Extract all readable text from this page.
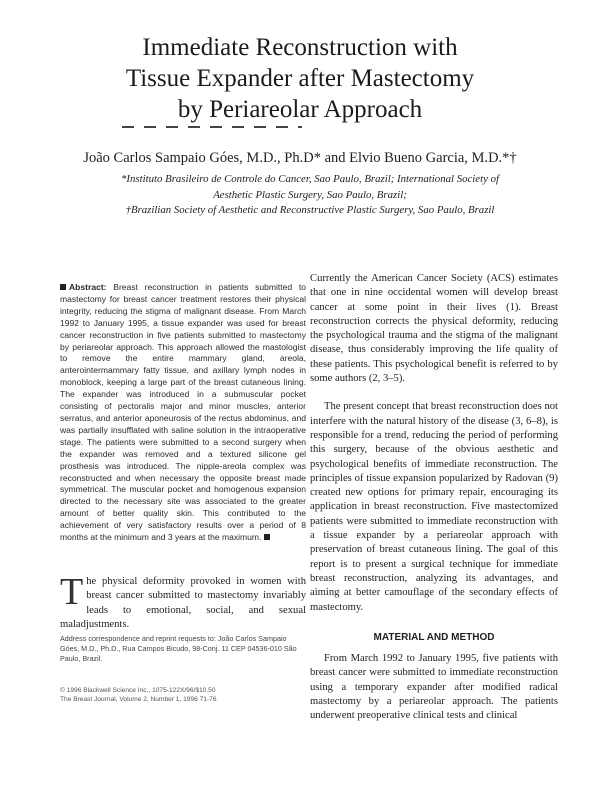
Immediate Reconstruction with
Tissue Expander after Mastectomy
by Periareolar Approach
João Carlos Sampaio Góes, M.D., Ph.D* and Elvio Bueno Garcia, M.D.*†
*Instituto Brasileiro de Controle do Cancer, Sao Paulo, Brazil; International Society of
Aesthetic Plastic Surgery, Sao Paulo, Brazil;
†Brazilian Society of Aesthetic and Reconstructive Plastic Surgery, Sao Paulo, Brazil
Abstract: Breast reconstruction in patients submitted to mastectomy for breast cancer treatment restores their physical integrity, reducing the stigma of malignant disease. From March 1992 to January 1995, a tissue expander was used for breast cancer reconstruction in five patients submitted to mastectomy by periareolar approach. This approach allowed the mastologist to remove the entire mammary gland, areola, anterointermammary fatty tissue, and axillary lymph nodes in monoblock, keeping a large part of the breast cutaneous lining. The expander was introduced in a submuscular pocket consisting of pectoralis major and minor muscles, anterior serratus, and anterior aponeurosis of the rectus abdominus, and was partially insufflated with saline solution in the intraoperative stage. The patients were submitted to a second surgery when the expander was removed and a textured silicone gel prosthesis was introduced. The nipple-areola complex was reconstructed and when necessary the opposite breast made symmetrical. The muscular pocket and homogenous expansion directed to the necessary site was associated to the greater amount of better quality skin. This contributed to the achievement of very satisfactory results over a period of 8 months at the minimum and 3 years at the maximum.
The physical deformity provoked in women with breast cancer submitted to mastectomy invariably leads to emotional, social, and sexual maladjustments.
Address correspondence and reprint requests to: João Carlos Sampaio Góes, M.D., Ph.D., Rua Campos Bicudo, 98-Conj. 11 CEP 04536-010 São Paulo, Brazil.
© 1996 Blackwell Science Inc., 1075-122X/96/$10.50
The Breast Journal, Volume 2, Number 1, 1996 71-76

Currently the American Cancer Society (ACS) estimates that one in nine occidental women will develop breast cancer at some point in their lives (1). Breast reconstruction corrects the physical deformity, reducing the psychological trauma and the stigma of the malignant disease, thus considerably improving the life quality of these patients. This psychological benefit is referred to by some authors (2, 3–5).

The present concept that breast reconstruction does not interfere with the natural history of the disease (3, 6–8), is responsible for a trend, reducing the period of performing this surgery, because of the obvious aesthetic and psychological benefits of immediate reconstruction. The principles of tissue expansion popularized by Radovan (9) created new options for primary repair, encouraging its application in breast reconstruction. Five mastectomized patients were submitted to immediate reconstruction with a tissue expander by a periareolar approach with preservation of breast cutaneous lining. The goal of this report is to present a surgical technique for immediate breast reconstruction, analyzing its advantages, and aiming at better camouflage of the secondary effects of mastectomy.

MATERIAL AND METHOD

From March 1992 to January 1995, five patients with breast cancer were submitted to immediate reconstruction using a temporary expander after modified radical mastectomy by a periareolar approach. The patients underwent preoperative clinical tests and clinical
